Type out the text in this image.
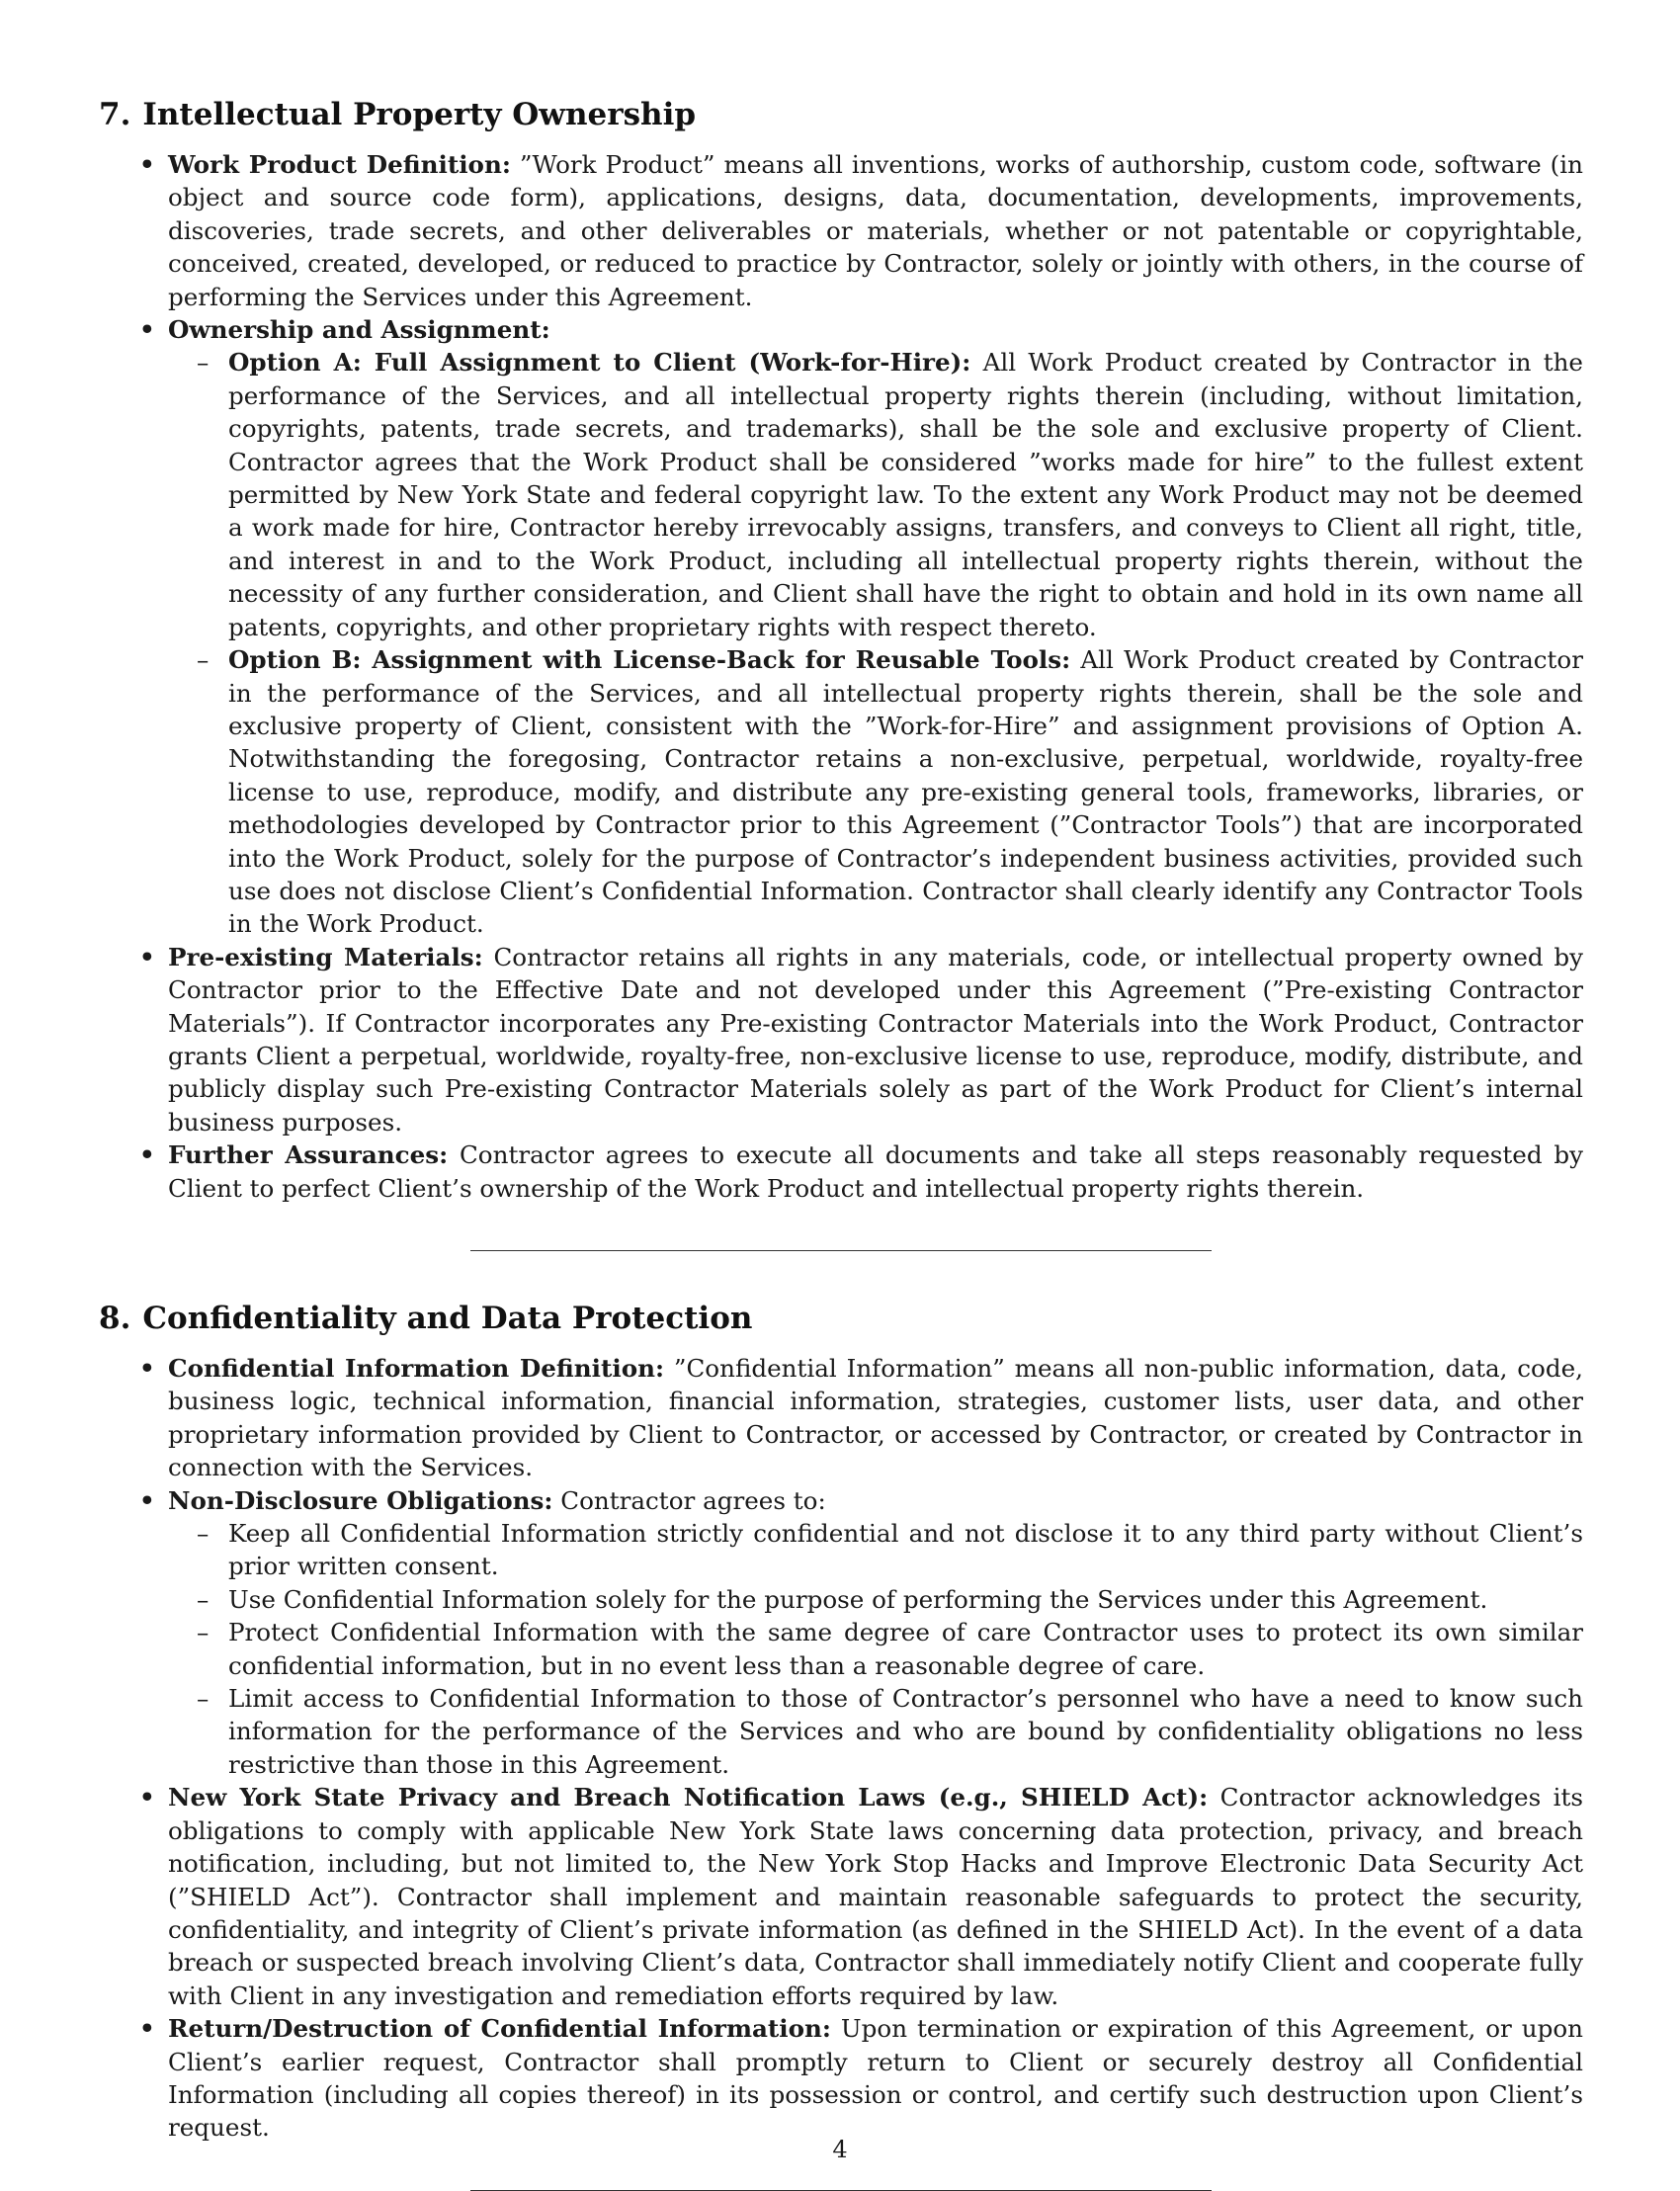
7. Intellectual Property Ownership
• Work Product Definition: ”Work Product” means all inventions, works of authorship, custom code, software (in object and source code form), applications, designs, data, documentation, developments, improvements, discoveries, trade secrets, and other deliverables or materials, whether or not patentable or copyrightable, conceived, created, developed, or reduced to practice by Contractor, solely or jointly with others, in the course of performing the Services under this Agreement.
• Ownership and Assignment:
– Option A: Full Assignment to Client (Work-for-Hire): All Work Product created by Contractor in the performance of the Services, and all intellectual property rights therein (including, without limitation, copyrights, patents, trade secrets, and trademarks), shall be the sole and exclusive property of Client. Contractor agrees that the Work Product shall be considered ”works made for hire” to the fullest extent permitted by New York State and federal copyright law. To the extent any Work Product may not be deemed a work made for hire, Contractor hereby irrevocably assigns, transfers, and conveys to Client all right, title, and interest in and to the Work Product, including all intellectual property rights therein, without the necessity of any further consideration, and Client shall have the right to obtain and hold in its own name all patents, copyrights, and other proprietary rights with respect thereto.
– Option B: Assignment with License-Back for Reusable Tools: All Work Product created by Contractor in the performance of the Services, and all intellectual property rights therein, shall be the sole and exclusive property of Client, consistent with the ”Work-for-Hire” and assignment provisions of Option A. Notwithstanding the foregosing, Contractor retains a non-exclusive, perpetual, worldwide, royalty-free license to use, reproduce, modify, and distribute any pre-existing general tools, frameworks, libraries, or methodologies developed by Contractor prior to this Agreement (”Contractor Tools”) that are incorporated into the Work Product, solely for the purpose of Contractor’s independent business activities, provided such use does not disclose Client’s Confidential Information. Contractor shall clearly identify any Contractor Tools in the Work Product.
• Pre-existing Materials: Contractor retains all rights in any materials, code, or intellectual property owned by Contractor prior to the Effective Date and not developed under this Agreement (”Pre-existing Contractor Materials”). If Contractor incorporates any Pre-existing Contractor Materials into the Work Product, Contractor grants Client a perpetual, worldwide, royalty-free, non-exclusive license to use, reproduce, modify, distribute, and publicly display such Pre-existing Contractor Materials solely as part of the Work Product for Client’s internal business purposes.
• Further Assurances: Contractor agrees to execute all documents and take all steps reasonably requested by Client to perfect Client’s ownership of the Work Product and intellectual property rights therein.
8. Confidentiality and Data Protection
• Confidential Information Definition: ”Confidential Information” means all non-public information, data, code, business logic, technical information, financial information, strategies, customer lists, user data, and other proprietary information provided by Client to Contractor, or accessed by Contractor, or created by Contractor in connection with the Services.
• Non-Disclosure Obligations: Contractor agrees to:
– Keep all Confidential Information strictly confidential and not disclose it to any third party without Client’s prior written consent.
– Use Confidential Information solely for the purpose of performing the Services under this Agreement.
– Protect Confidential Information with the same degree of care Contractor uses to protect its own similar confidential information, but in no event less than a reasonable degree of care.
– Limit access to Confidential Information to those of Contractor’s personnel who have a need to know such information for the performance of the Services and who are bound by confidentiality obligations no less restrictive than those in this Agreement.
• New York State Privacy and Breach Notification Laws (e.g., SHIELD Act): Contractor acknowledges its obligations to comply with applicable New York State laws concerning data protection, privacy, and breach notification, including, but not limited to, the New York Stop Hacks and Improve Electronic Data Security Act (”SHIELD Act”). Contractor shall implement and maintain reasonable safeguards to protect the security, confidentiality, and integrity of Client’s private information (as defined in the SHIELD Act). In the event of a data breach or suspected breach involving Client’s data, Contractor shall immediately notify Client and cooperate fully with Client in any investigation and remediation efforts required by law.
• Return/Destruction of Confidential Information: Upon termination or expiration of this Agreement, or upon Client’s earlier request, Contractor shall promptly return to Client or securely destroy all Confidential Information (including all copies thereof) in its possession or control, and certify such destruction upon Client’s request.
4
